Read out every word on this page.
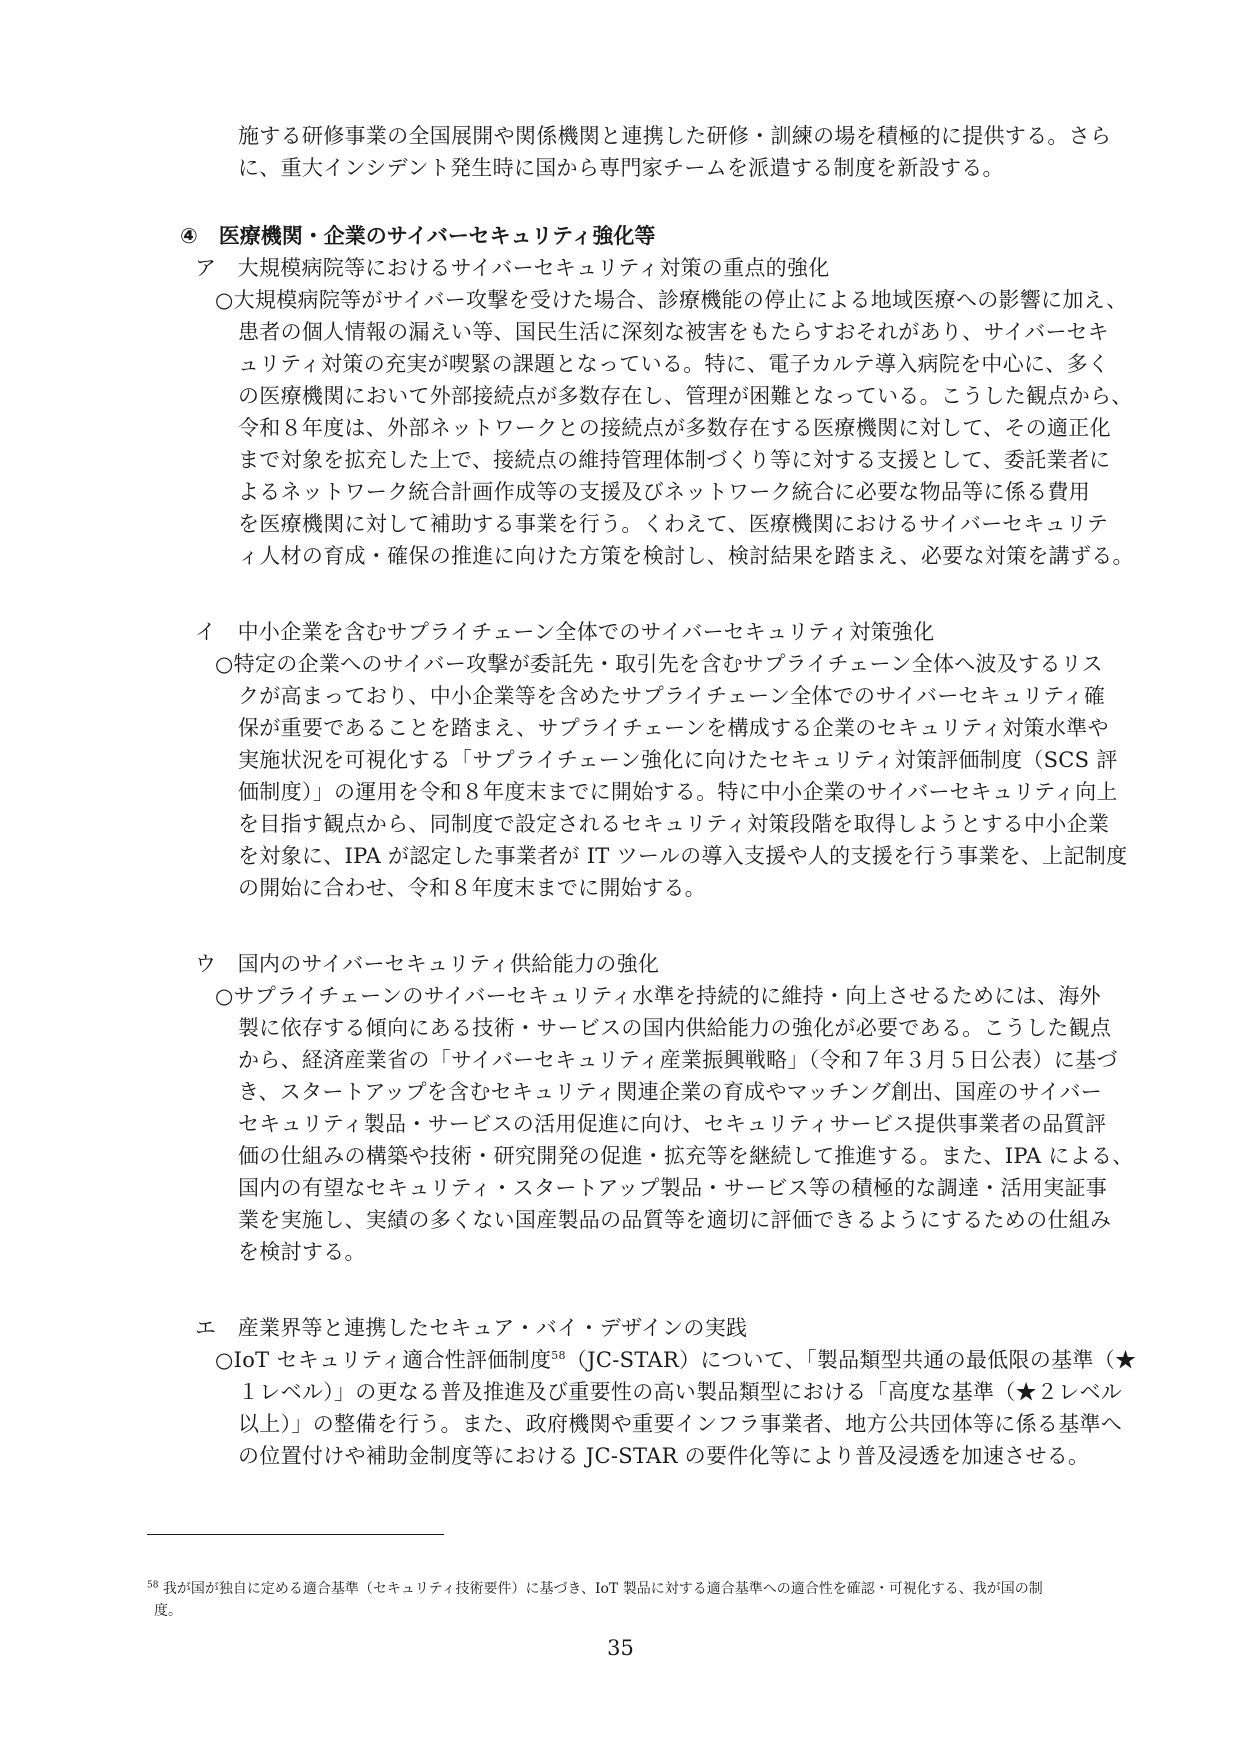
施する研修事業の全国展開や関係機関と連携した研修・訓練の場を積極的に提供する。さら
に、重大インシデント発生時に国から専門家チームを派遣する制度を新設する。
④　医療機関・企業のサイバーセキュリティ強化等
ア　大規模病院等におけるサイバーセキュリティ対策の重点的強化
○大規模病院等がサイバー攻撃を受けた場合、診療機能の停止による地域医療への影響に加え、
患者の個人情報の漏えい等、国民生活に深刻な被害をもたらすおそれがあり、サイバーセキ
ュリティ対策の充実が喫緊の課題となっている。特に、電子カルテ導入病院を中心に、多く
の医療機関において外部接続点が多数存在し、管理が困難となっている。こうした観点から、
令和８年度は、外部ネットワークとの接続点が多数存在する医療機関に対して、その適正化
まで対象を拡充した上で、接続点の維持管理体制づくり等に対する支援として、委託業者に
よるネットワーク統合計画作成等の支援及びネットワーク統合に必要な物品等に係る費用
を医療機関に対して補助する事業を行う。くわえて、医療機関におけるサイバーセキュリテ
ィ人材の育成・確保の推進に向けた方策を検討し、検討結果を踏まえ、必要な対策を講ずる。
イ　中小企業を含むサプライチェーン全体でのサイバーセキュリティ対策強化
○特定の企業へのサイバー攻撃が委託先・取引先を含むサプライチェーン全体へ波及するリス
クが高まっており、中小企業等を含めたサプライチェーン全体でのサイバーセキュリティ確
保が重要であることを踏まえ、サプライチェーンを構成する企業のセキュリティ対策水準や
実施状況を可視化する「サプライチェーン強化に向けたセキュリティ対策評価制度（SCS 評
価制度）」の運用を令和８年度末までに開始する。特に中小企業のサイバーセキュリティ向上
を目指す観点から、同制度で設定されるセキュリティ対策段階を取得しようとする中小企業
を対象に、IPA が認定した事業者が IT ツールの導入支援や人的支援を行う事業を、上記制度
の開始に合わせ、令和８年度末までに開始する。
ウ　国内のサイバーセキュリティ供給能力の強化
○サプライチェーンのサイバーセキュリティ水準を持続的に維持・向上させるためには、海外
製に依存する傾向にある技術・サービスの国内供給能力の強化が必要である。こうした観点
から、経済産業省の「サイバーセキュリティ産業振興戦略」（令和７年３月５日公表）に基づ
き、スタートアップを含むセキュリティ関連企業の育成やマッチング創出、国産のサイバー
セキュリティ製品・サービスの活用促進に向け、セキュリティサービス提供事業者の品質評
価の仕組みの構築や技術・研究開発の促進・拡充等を継続して推進する。また、IPA による、
国内の有望なセキュリティ・スタートアップ製品・サービス等の積極的な調達・活用実証事
業を実施し、実績の多くない国産製品の品質等を適切に評価できるようにするための仕組み
を検討する。
エ　産業界等と連携したセキュア・バイ・デザインの実践
○IoT セキュリティ適合性評価制度$^{58}$（JC-STAR）について、「製品類型共通の最低限の基準（★
１レベル）」の更なる普及推進及び重要性の高い製品類型における「高度な基準（★２レベル
以上）」の整備を行う。また、政府機関や重要インフラ事業者、地方公共団体等に係る基準へ
の位置付けや補助金制度等における JC-STAR の要件化等により普及浸透を加速させる。
$^{58}$ 我が国が独自に定める適合基準（セキュリティ技術要件）に基づき、IoT 製品に対する適合基準への適合性を確認・可視化する、我が国の制
度。
35
